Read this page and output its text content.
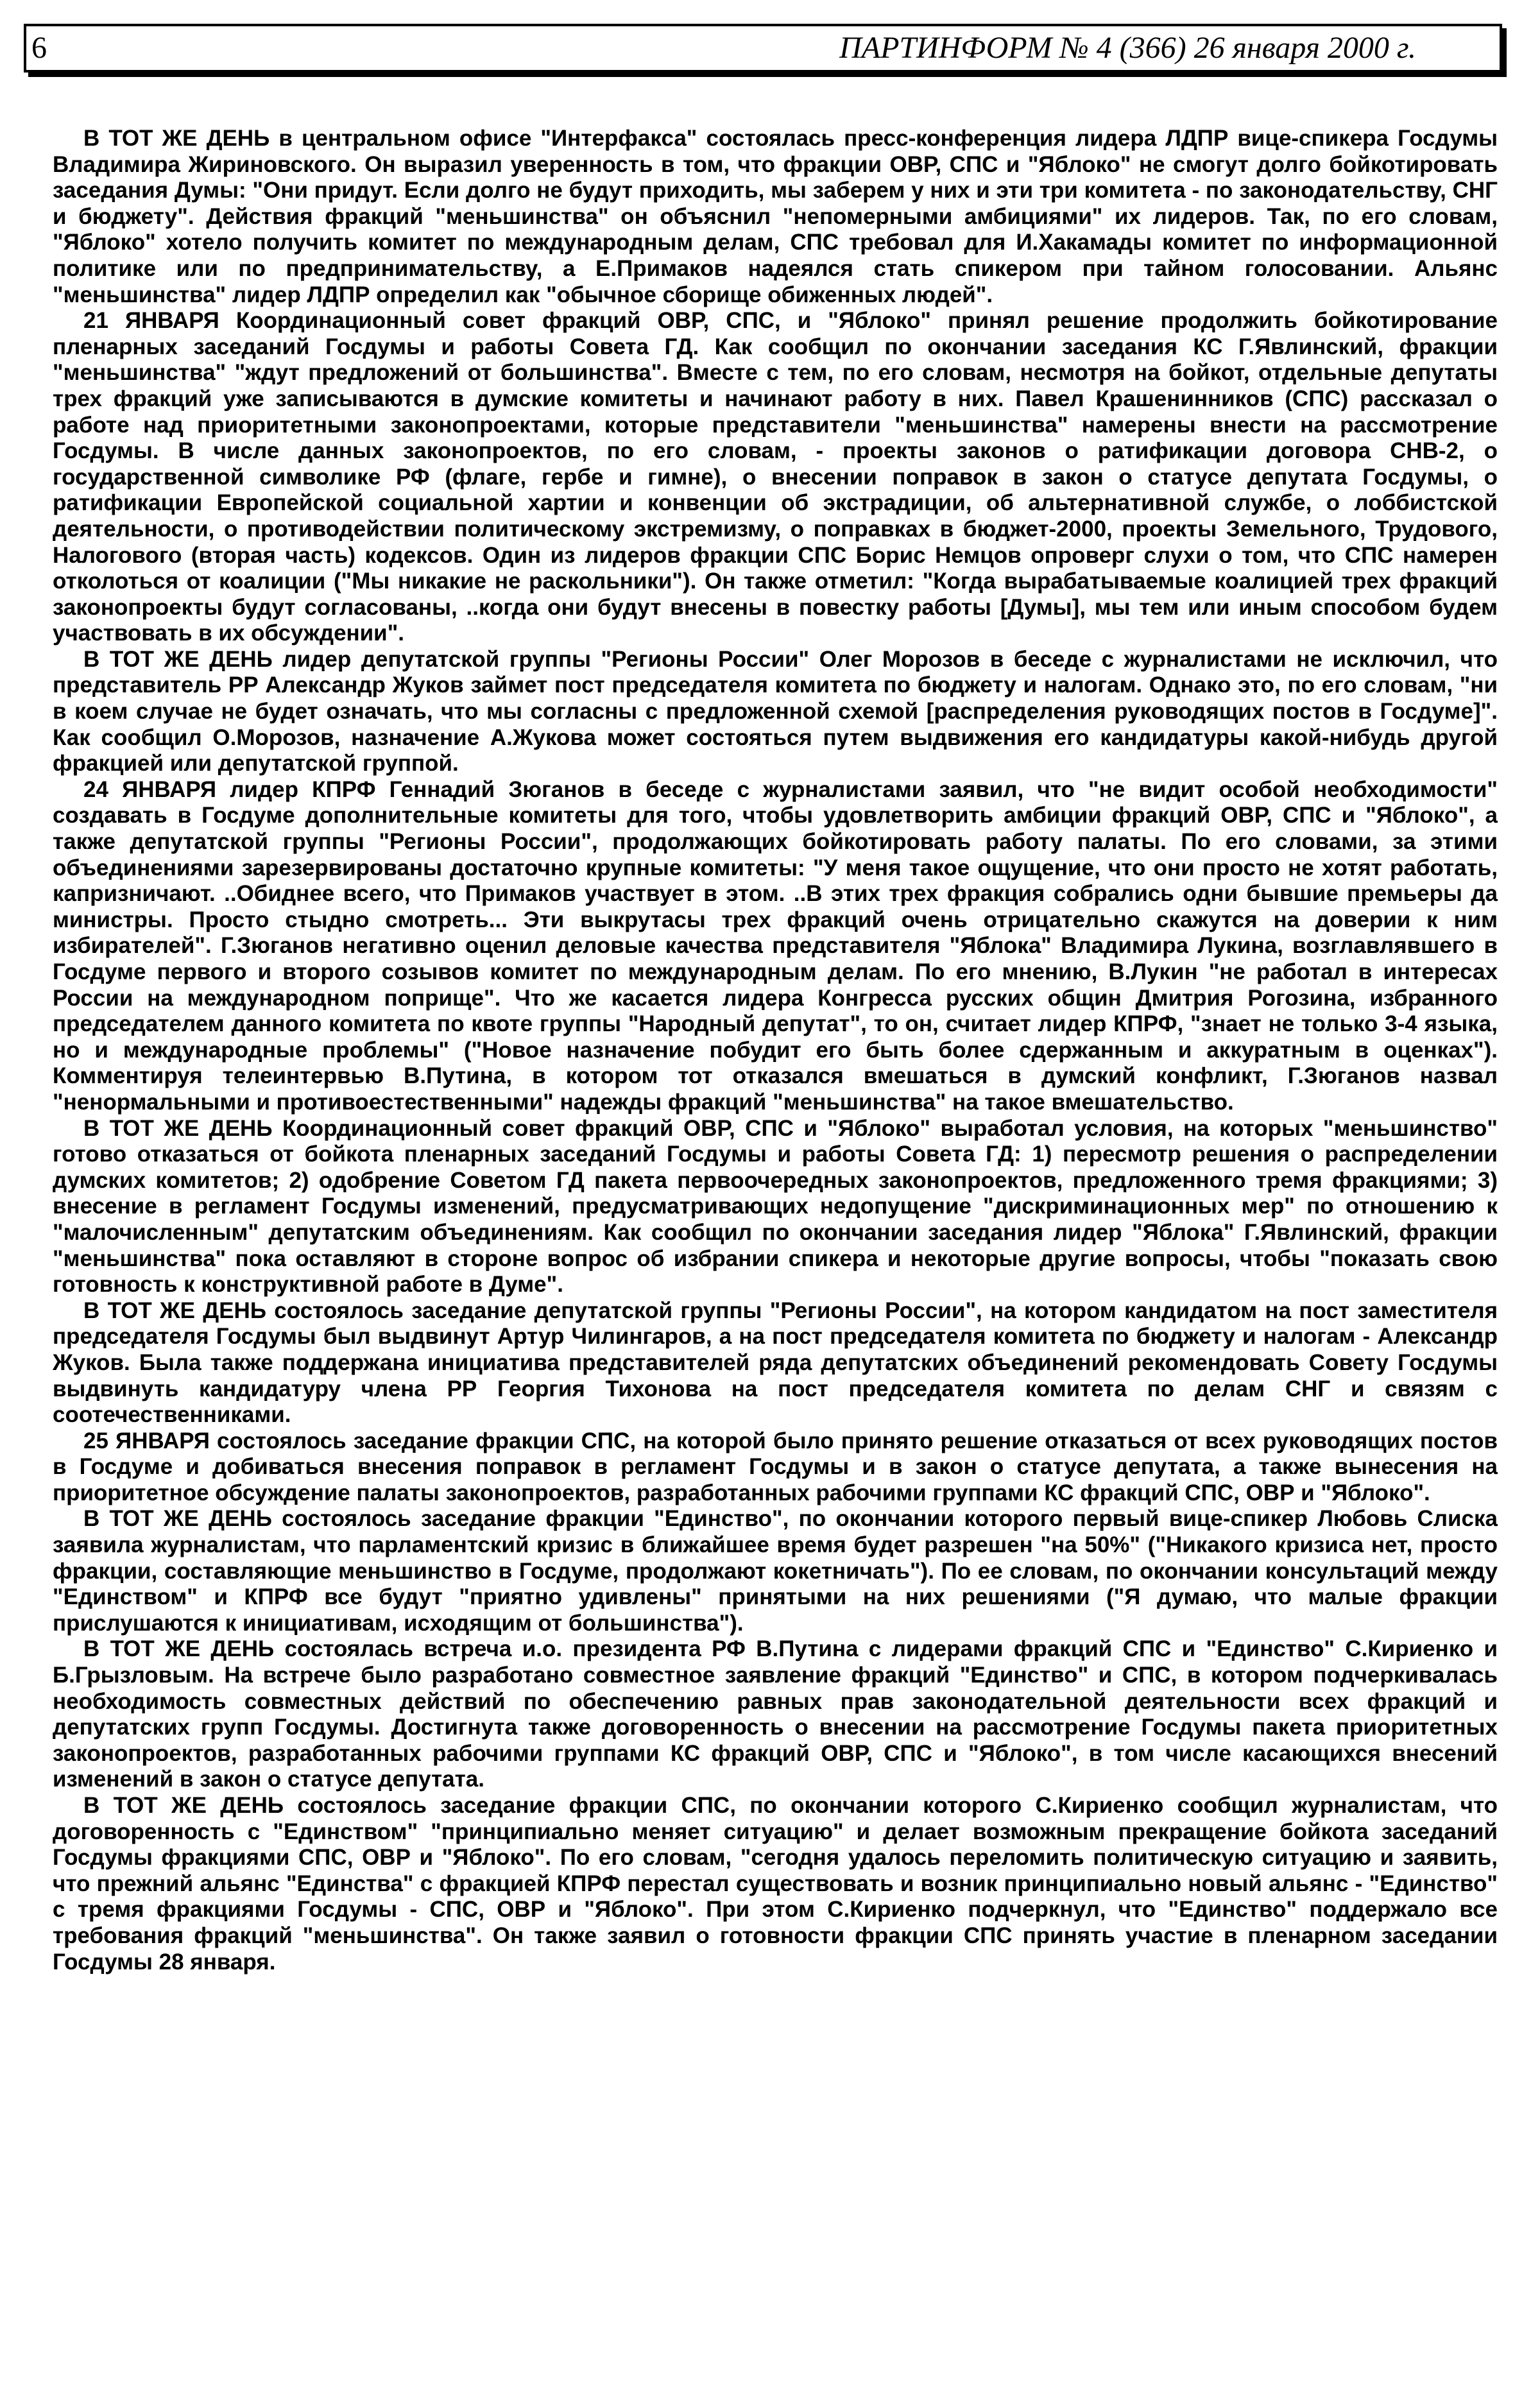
6	ПАРТИНФОРМ № 4 (366) 26 января 2000 г.

В ТОТ ЖЕ ДЕНЬ в центральном офисе "Интерфакса" состоялась пресс-конференция лидера ЛДПР вице-спикера Госдумы Владимира Жириновского. Он выразил уверенность в том, что фракции ОВР, СПС и "Яблоко" не смогут долго бойкотировать заседания Думы: "Они придут. Если долго не будут приходить, мы заберем у них и эти три комитета - по законодательству, СНГ и бюджету". Действия фракций "меньшинства" он объяснил "непомерными амбициями" их лидеров. Так, по его словам, "Яблоко" хотело получить комитет по международным делам, СПС требовал для И.Хакамады комитет по информационной политике или по предпринимательству, а Е.Примаков надеялся стать спикером при тайном голосовании. Альянс "меньшинства" лидер ЛДПР определил как "обычное сборище обиженных людей".

21 ЯНВАРЯ Координационный совет фракций ОВР, СПС, и "Яблоко" принял решение продолжить бойкотирование пленарных заседаний Госдумы и работы Совета ГД. Как сообщил по окончании заседания КС Г.Явлинский, фракции "меньшинства" "ждут предложений от большинства". Вместе с тем, по его словам, несмотря на бойкот, отдельные депутаты трех фракций уже записываются в думские комитеты и начинают работу в них. Павел Крашенинников (СПС) рассказал о работе над приоритетными законопроектами, которые представители "меньшинства" намерены внести на рассмотрение Госдумы. В числе данных законопроектов, по его словам, - проекты законов о ратификации договора СНВ-2, о государственной символике РФ (флаге, гербе и гимне), о внесении поправок в закон о статусе депутата Госдумы, о ратификации Европейской социальной хартии и конвенции об экстрадиции, об альтернативной службе, о лоббистской деятельности, о противодействии политическому экстремизму, о поправках в бюджет-2000, проекты Земельного, Трудового, Налогового (вторая часть) кодексов. Один из лидеров фракции СПС Борис Немцов опроверг слухи о том, что СПС намерен отколоться от коалиции ("Мы никакие не раскольники"). Он также отметил: "Когда вырабатываемые коалицией трех фракций законопроекты будут согласованы, ..когда они будут внесены в повестку работы [Думы], мы тем или иным способом будем участвовать в их обсуждении".

В ТОТ ЖЕ ДЕНЬ лидер депутатской группы "Регионы России" Олег Морозов в беседе с журналистами не исключил, что представитель РР Александр Жуков займет пост председателя комитета по бюджету и налогам. Однако это, по его словам, "ни в коем случае не будет означать, что мы согласны с предложенной схемой [распределения руководящих постов в Госдуме]". Как сообщил О.Морозов, назначение А.Жукова может состояться путем выдвижения его кандидатуры какой-нибудь другой фракцией или депутатской группой.

24 ЯНВАРЯ лидер КПРФ Геннадий Зюганов в беседе с журналистами заявил, что "не видит особой необходимости" создавать в Госдуме дополнительные комитеты для того, чтобы удовлетворить амбиции фракций ОВР, СПС и "Яблоко", а также депутатской группы "Регионы России", продолжающих бойкотировать работу палаты. По его словами, за этими объединениями зарезервированы достаточно крупные комитеты: "У меня такое ощущение, что они просто не хотят работать, капризничают. ..Обиднее всего, что Примаков участвует в этом. ..В этих трех фракция собрались одни бывшие премьеры да министры. Просто стыдно смотреть... Эти выкрутасы трех фракций очень отрицательно скажутся на доверии к ним избирателей". Г.Зюганов негативно оценил деловые качества представителя "Яблока" Владимира Лукина, возглавлявшего в Госдуме первого и второго созывов комитет по международным делам. По его мнению, В.Лукин "не работал в интересах России на международном поприще". Что же касается лидера Конгресса русских общин Дмитрия Рогозина, избранного председателем данного комитета по квоте группы "Народный депутат", то он, считает лидер КПРФ, "знает не только 3-4 языка, но и международные проблемы" ("Новое назначение побудит его быть более сдержанным и аккуратным в оценках"). Комментируя телеинтервью В.Путина, в котором тот отказался вмешаться в думский конфликт, Г.Зюганов назвал "ненормальными и противоестественными" надежды фракций "меньшинства" на такое вмешательство.

В ТОТ ЖЕ ДЕНЬ Координационный совет фракций ОВР, СПС и "Яблоко" выработал условия, на которых "меньшинство" готово отказаться от бойкота пленарных заседаний Госдумы и работы Совета ГД: 1) пересмотр решения о распределении думских комитетов; 2) одобрение Советом ГД пакета первоочередных законопроектов, предложенного тремя фракциями; 3) внесение в регламент Госдумы изменений, предусматривающих недопущение "дискриминационных мер" по отношению к "малочисленным" депутатским объединениям. Как сообщил по окончании заседания лидер "Яблока" Г.Явлинский, фракции "меньшинства" пока оставляют в стороне вопрос об избрании спикера и некоторые другие вопросы, чтобы "показать свою готовность к конструктивной работе в Думе".

В ТОТ ЖЕ ДЕНЬ состоялось заседание депутатской группы "Регионы России", на котором кандидатом на пост заместителя председателя Госдумы был выдвинут Артур Чилингаров, а на пост председателя комитета по бюджету и налогам - Александр Жуков. Была также поддержана инициатива представителей ряда депутатских объединений рекомендовать Совету Госдумы выдвинуть кандидатуру члена РР Георгия Тихонова на пост председателя комитета по делам СНГ и связям с соотечественниками.

25 ЯНВАРЯ состоялось заседание фракции СПС, на которой было принято решение отказаться от всех руководящих постов в Госдуме и добиваться внесения поправок в регламент Госдумы и в закон о статусе депутата, а также вынесения на приоритетное обсуждение палаты законопроектов, разработанных рабочими группами КС фракций СПС, ОВР и "Яблоко".

В ТОТ ЖЕ ДЕНЬ состоялось заседание фракции "Единство", по окончании которого первый вице-спикер Любовь Слиска заявила журналистам, что парламентский кризис в ближайшее время будет разрешен "на 50%" ("Никакого кризиса нет, просто фракции, составляющие меньшинство в Госдуме, продолжают кокетничать"). По ее словам, по окончании консультаций между "Единством" и КПРФ все будут "приятно удивлены" принятыми на них решениями ("Я думаю, что малые фракции прислушаются к инициативам, исходящим от большинства").

В ТОТ ЖЕ ДЕНЬ состоялась встреча и.о. президента РФ В.Путина с лидерами фракций СПС и "Единство" С.Кириенко и Б.Грызловым. На встрече было разработано совместное заявление фракций "Единство" и СПС, в котором подчеркивалась необходимость совместных действий по обеспечению равных прав законодательной деятельности всех фракций и депутатских групп Госдумы. Достигнута также договоренность о внесении на рассмотрение Госдумы пакета приоритетных законопроектов, разработанных рабочими группами КС фракций ОВР, СПС и "Яблоко", в том числе касающихся внесений изменений в закон о статусе депутата.

В ТОТ ЖЕ ДЕНЬ состоялось заседание фракции СПС, по окончании которого С.Кириенко сообщил журналистам, что договоренность с "Единством" "принципиально меняет ситуацию" и делает возможным прекращение бойкота заседаний Госдумы фракциями СПС, ОВР и "Яблоко". По его словам, "сегодня удалось переломить политическую ситуацию и заявить, что прежний альянс "Единства" с фракцией КПРФ перестал существовать и возник принципиально новый альянс - "Единство" с тремя фракциями Госдумы - СПС, ОВР и "Яблоко". При этом С.Кириенко подчеркнул, что "Единство" поддержало все требования фракций "меньшинства". Он также заявил о готовности фракции СПС принять участие в пленарном заседании Госдумы 28 января.
